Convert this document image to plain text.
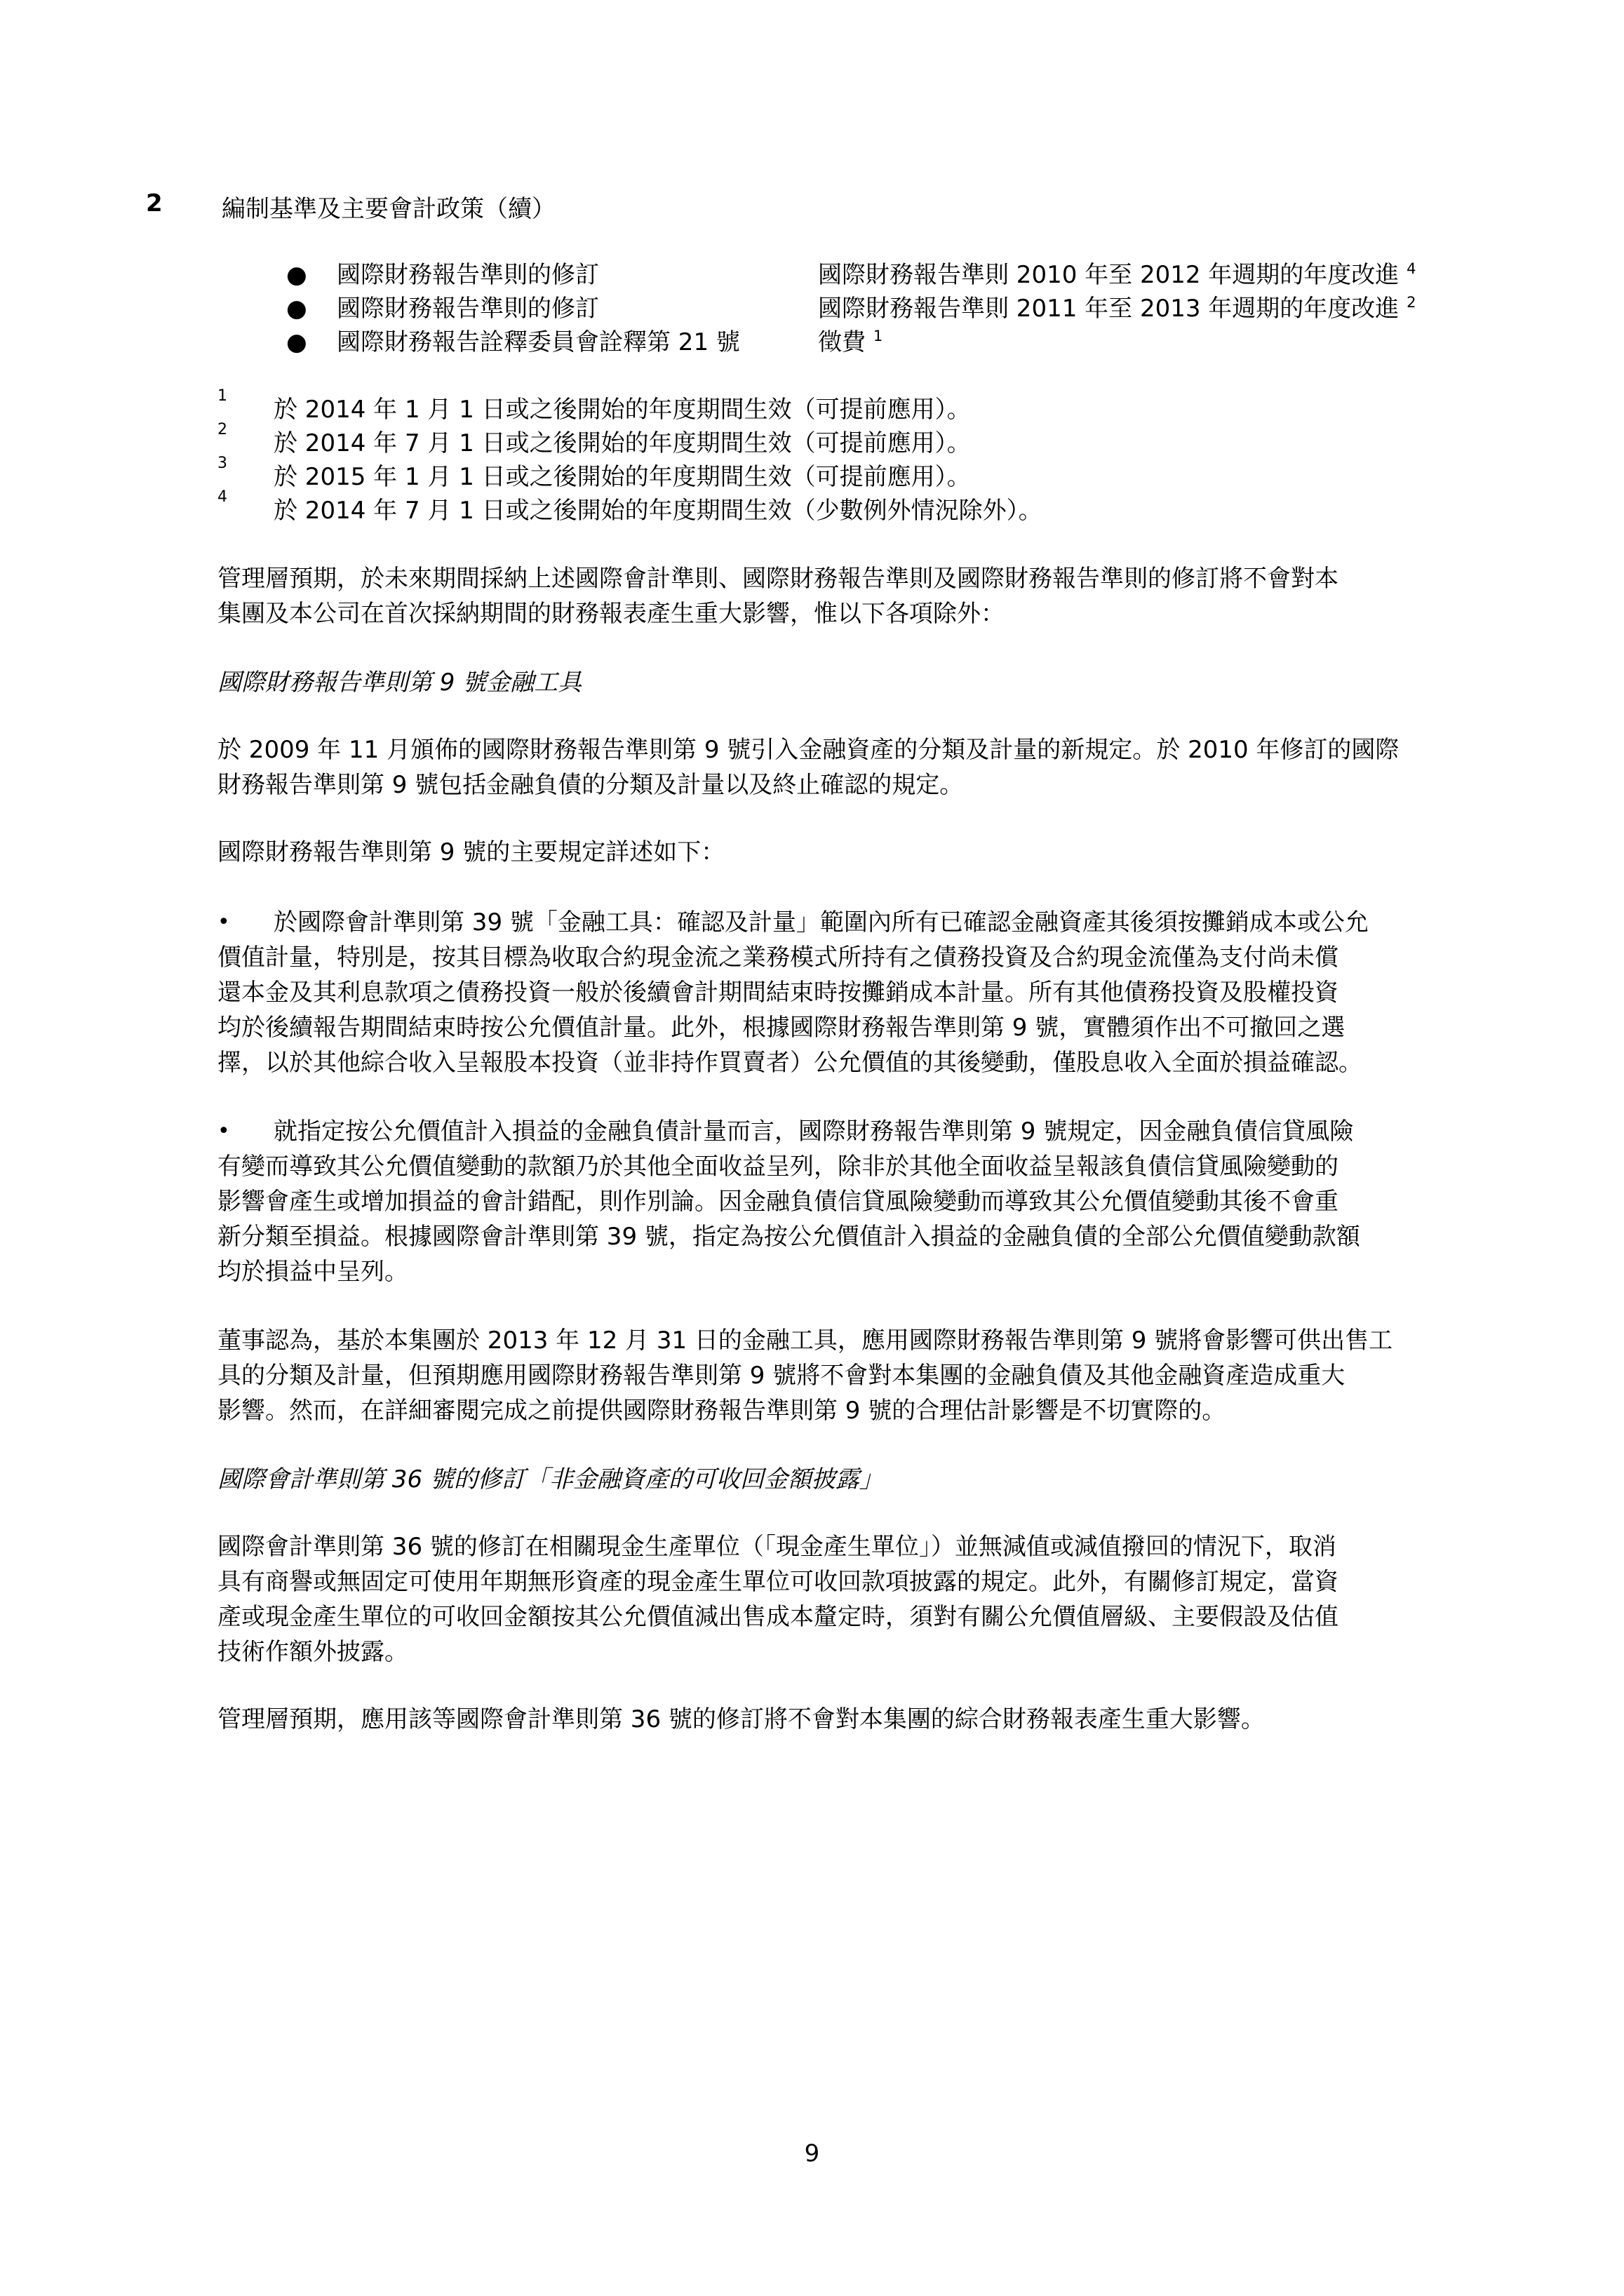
2 編制基準及主要會計政策（續）
● 國際財務報告準則的修訂	國際財務報告準則 2010 年至 2012 年週期的年度改進 $^4$
● 國際財務報告準則的修訂	國際財務報告準則 2011 年至 2013 年週期的年度改進 $^2$
● 國際財務報告詮釋委員會詮釋第 21 號	徵費 $^1$
1 於 2014 年 1 月 1 日或之後開始的年度期間生效（可提前應用）。
2 於 2014 年 7 月 1 日或之後開始的年度期間生效（可提前應用）。
3 於 2015 年 1 月 1 日或之後開始的年度期間生效（可提前應用）。
4 於 2014 年 7 月 1 日或之後開始的年度期間生效（少數例外情況除外）。
管理層預期，於未來期間採納上述國際會計準則、國際財務報告準則及國際財務報告準則的修訂將不會對本
集團及本公司在首次採納期間的財務報表產生重大影響，惟以下各項除外：
國際財務報告準則第 9 號金融工具
於 2009 年 11 月頒佈的國際財務報告準則第 9 號引入金融資產的分類及計量的新規定。於 2010 年修訂的國際
財務報告準則第 9 號包括金融負債的分類及計量以及終止確認的規定。
國際財務報告準則第 9 號的主要規定詳述如下：
•	於國際會計準則第 39 號「金融工具：確認及計量」範圍內所有已確認金融資產其後須按攤銷成本或公允
價值計量，特別是，按其目標為收取合約現金流之業務模式所持有之債務投資及合約現金流僅為支付尚未償
還本金及其利息款項之債務投資一般於後續會計期間結束時按攤銷成本計量。所有其他債務投資及股權投資
均於後續報告期間結束時按公允價值計量。此外，根據國際財務報告準則第 9 號，實體須作出不可撤回之選
擇，以於其他綜合收入呈報股本投資（並非持作買賣者）公允價值的其後變動，僅股息收入全面於損益確認。
•	就指定按公允價值計入損益的金融負債計量而言，國際財務報告準則第 9 號規定，因金融負債信貸風險
有變而導致其公允價值變動的款額乃於其他全面收益呈列，除非於其他全面收益呈報該負債信貸風險變動的
影響會產生或增加損益的會計錯配，則作別論。因金融負債信貸風險變動而導致其公允價值變動其後不會重
新分類至損益。根據國際會計準則第 39 號，指定為按公允價值計入損益的金融負債的全部公允價值變動款額
均於損益中呈列。
董事認為，基於本集團於 2013 年 12 月 31 日的金融工具，應用國際財務報告準則第 9 號將會影響可供出售工
具的分類及計量，但預期應用國際財務報告準則第 9 號將不會對本集團的金融負債及其他金融資產造成重大
影響。然而，在詳細審閱完成之前提供國際財務報告準則第 9 號的合理估計影響是不切實際的。
國際會計準則第 36 號的修訂「非金融資產的可收回金額披露」
國際會計準則第 36 號的修訂在相關現金生產單位（「現金產生單位」）並無減值或減值撥回的情況下，取消
具有商譽或無固定可使用年期無形資產的現金產生單位可收回款項披露的規定。此外，有關修訂規定，當資
產或現金產生單位的可收回金額按其公允價值減出售成本釐定時，須對有關公允價值層級、主要假設及估值
技術作額外披露。
管理層預期，應用該等國際會計準則第 36 號的修訂將不會對本集團的綜合財務報表產生重大影響。
9
